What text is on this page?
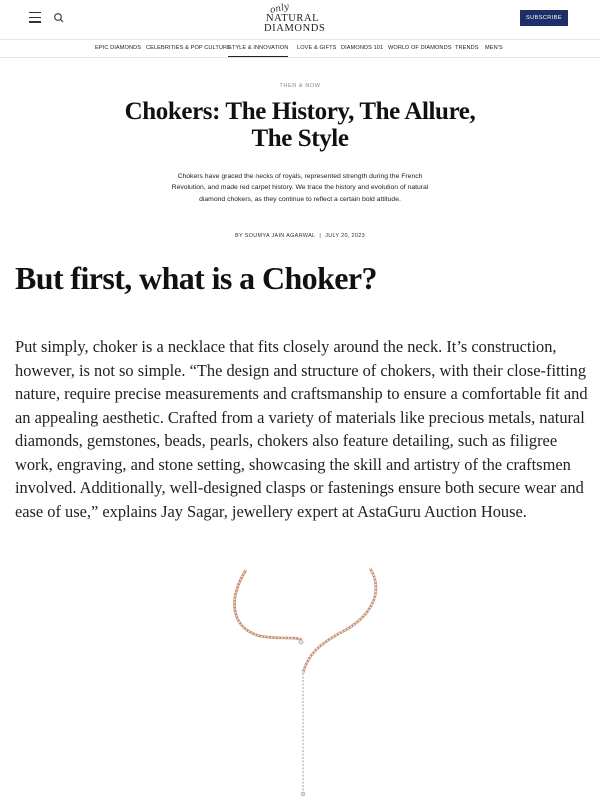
only
NATURAL
DIAMONDS
SUBSCRIBE
EPIC DIAMONDS CELEBRITIES & POP CULTURE
STYLE & INNOVATION LOVE & GIFTS DIAMONDS 101 WORLD OF DIAMONDS TRENDS MEN'S
THEN & NOW
Chokers: The History, The Allure,
The Style

Chokers have graced the necks of royals, represented strength during the French Revolution, and made red carpet history. We trace the history and evolution of natural diamond chokers, as they continue to reflect a certain bold attitude.

BY SOUMYA JAIN AGARWAL | JULY 20, 2023
But first, what is a Choker?

Put simply, choker is a necklace that fits closely around the neck. It’s construction, however, is not so simple. “The design and structure of chokers, with their close-fitting nature, require precise measurements and craftsmanship to ensure a comfortable fit and an appealing aesthetic. Crafted from a variety of materials like precious metals, natural diamonds, gemstones, beads, pearls, chokers also feature detailing, such as filigree work, engraving, and stone setting, showcasing the skill and artistry of the craftsmen involved. Additionally, well-designed clasps or fastenings ensure both secure wear and ease of use,” explains Jay Sagar, jewellery expert at AstaGuru Auction House.
